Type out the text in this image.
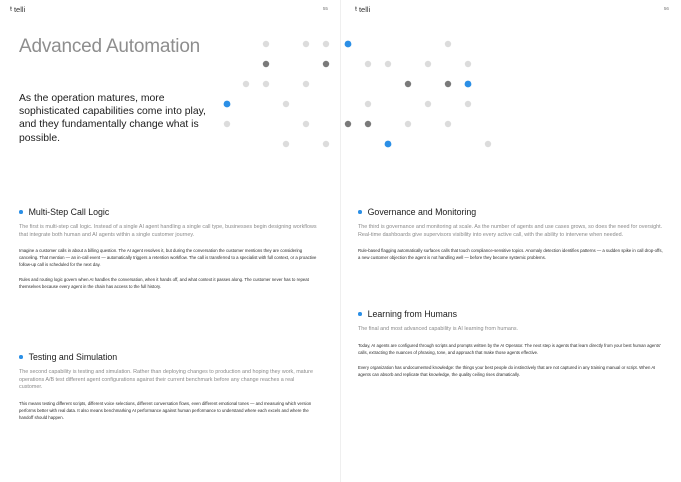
ŧ telli	55
Advanced Automation
As the operation matures, more sophisticated capabilities come into play, and they fundamentally change what is possible.
Multi-Step Call Logic

The first is multi-step call logic. Instead of a single AI agent handling a single call type, businesses begin designing workflows that integrate both human and AI agents within a single customer journey.

Imagine a customer calls in about a billing question. The AI agent resolves it, but during the conversation the customer mentions they are considering canceling. That mention — an in-call event — automatically triggers a retention workflow. The call is transferred to a specialist with full context, or a proactive follow-up call is scheduled for the next day.

Rules and routing logic govern when AI handles the conversation, when it hands off, and what context it passes along. The customer never has to repeat themselves because every agent in the chain has access to the full history.

Testing and Simulation

The second capability is testing and simulation. Rather than deploying changes to production and hoping they work, mature operations A/B test different agent configurations against their current benchmark before any change reaches a real customer.

This means testing different scripts, different voice selections, different conversation flows, even different emotional tones — and measuring which version performs better with real data. It also means benchmarking AI performance against human performance to understand where each excels and where the handoff should happen.

ŧ telli	56
Governance and Monitoring

The third is governance and monitoring at scale. As the number of agents and use cases grows, so does the need for oversight. Real-time dashboards give supervisors visibility into every active call, with the ability to intervene when needed.

Rule-based flagging automatically surfaces calls that touch compliance-sensitive topics. Anomaly detection identifies patterns — a sudden spike in call drop-offs, a new customer objection the agent is not handling well — before they become systemic problems.

Learning from Humans

The final and most advanced capability is AI learning from humans.

Today, AI agents are configured through scripts and prompts written by the AI Operator. The next step is agents that learn directly from your best human agents' calls, extracting the nuances of phrasing, tone, and approach that make those agents effective.

Every organization has undocumented knowledge: the things your best people do instinctively that are not captured in any training manual or script. When AI agents can absorb and replicate that knowledge, the quality ceiling rises dramatically.
